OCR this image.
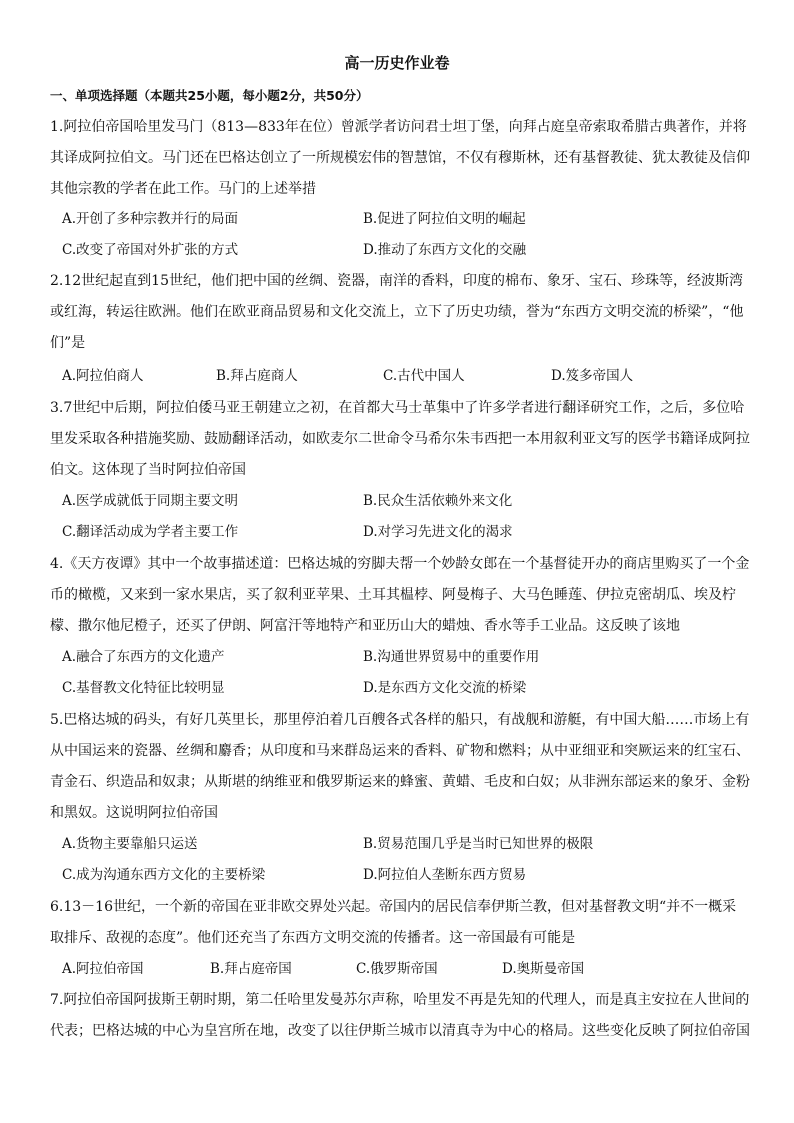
高一历史作业卷
一、单项选择题（本题共25小题，每小题2分，共50分）
1.阿拉伯帝国哈里发马门（813—833年在位）曾派学者访问君士坦丁堡，向拜占庭皇帝索取希腊古典著作，并将其译成阿拉伯文。马门还在巴格达创立了一所规模宏伟的智慧馆，不仅有穆斯林，还有基督教徒、犹太教徒及信仰其他宗教的学者在此工作。马门的上述举措
A.开创了多种宗教并行的局面	B.促进了阿拉伯文明的崛起
C.改变了帝国对外扩张的方式	D.推动了东西方文化的交融
2.12世纪起直到15世纪，他们把中国的丝绸、瓷器，南洋的香料，印度的棉布、象牙、宝石、珍珠等，经波斯湾或红海，转运往欧洲。他们在欧亚商品贸易和文化交流上，立下了历史功绩，誉为“东西方文明交流的桥梁”，“他们”是
A.阿拉伯商人	B.拜占庭商人	C.古代中国人	D.笈多帝国人
3.7世纪中后期，阿拉伯倭马亚王朝建立之初，在首都大马士革集中了许多学者进行翻译研究工作，之后，多位哈里发采取各种措施奖励、鼓励翻译活动，如欧麦尔二世命令马希尔朱韦西把一本用叙利亚文写的医学书籍译成阿拉伯文。这体现了当时阿拉伯帝国
A.医学成就低于同期主要文明	B.民众生活依赖外来文化
C.翻译活动成为学者主要工作	D.对学习先进文化的渴求
4.《天方夜谭》其中一个故事描述道：巴格达城的穷脚夫帮一个妙龄女郎在一个基督徒开办的商店里购买了一个金币的橄榄，又来到一家水果店，买了叙利亚苹果、土耳其榅桲、阿曼梅子、大马色睡莲、伊拉克密胡瓜、埃及柠檬、撒尔他尼橙子，还买了伊朗、阿富汗等地特产和亚历山大的蜡烛、香水等手工业品。这反映了该地
A.融合了东西方的文化遗产	B.沟通世界贸易中的重要作用
C.基督教文化特征比较明显	D.是东西方文化交流的桥梁
5.巴格达城的码头，有好几英里长，那里停泊着几百艘各式各样的船只，有战舰和游艇，有中国大船……市场上有从中国运来的瓷器、丝绸和麝香；从印度和马来群岛运来的香料、矿物和燃料；从中亚细亚和突厥运来的红宝石、青金石、织造品和奴隶；从斯堪的纳维亚和俄罗斯运来的蜂蜜、黄蜡、毛皮和白奴；从非洲东部运来的象牙、金粉和黑奴。这说明阿拉伯帝国
A.货物主要靠船只运送	B.贸易范围几乎是当时已知世界的极限
C.成为沟通东西方文化的主要桥梁	D.阿拉伯人垄断东西方贸易
6.13－16世纪，一个新的帝国在亚非欧交界处兴起。帝国内的居民信奉伊斯兰教，但对基督教文明“并不一概采取排斥、敌视的态度”。他们还充当了东西方文明交流的传播者。这一帝国最有可能是
A.阿拉伯帝国	B.拜占庭帝国	C.俄罗斯帝国	D.奥斯曼帝国
7.阿拉伯帝国阿拔斯王朝时期，第二任哈里发曼苏尔声称，哈里发不再是先知的代理人，而是真主安拉在人世间的代表；巴格达城的中心为皇宫所在地，改变了以往伊斯兰城市以清真寺为中心的格局。这些变化反映了阿拉伯帝国
